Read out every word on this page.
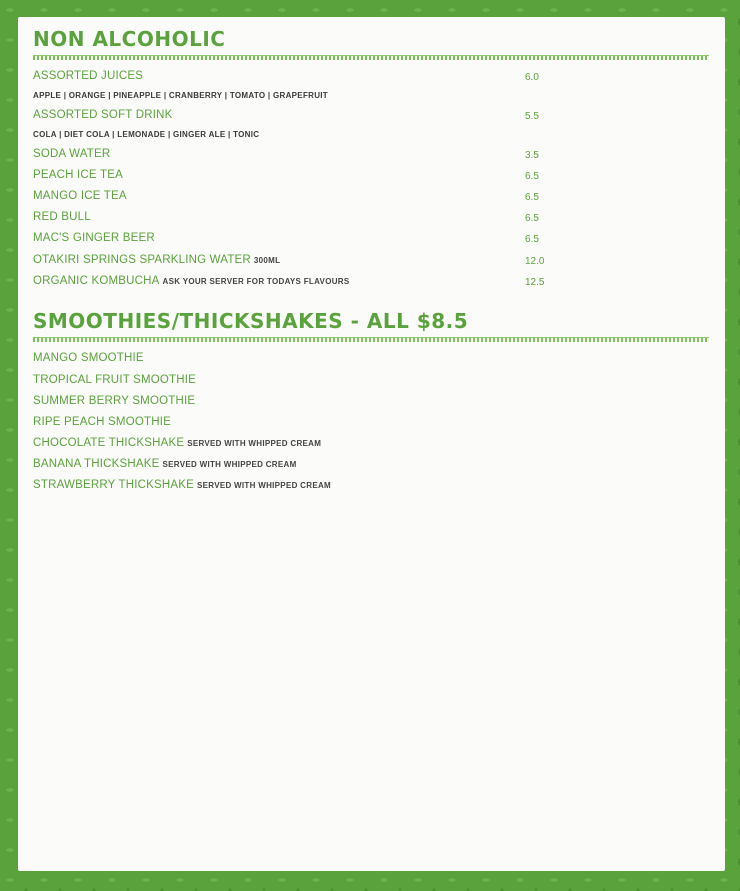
NON ALCOHOLIC
ASSORTED JUICES	6.0
APPLE | ORANGE | PINEAPPLE | CRANBERRY | TOMATO | GRAPEFRUIT
ASSORTED SOFT DRINK	5.5
COLA | DIET COLA | LEMONADE | GINGER ALE | TONIC
SODA WATER	3.5
PEACH ICE TEA	6.5
MANGO ICE TEA	6.5
RED BULL	6.5
MAC'S GINGER BEER	6.5
OTAKIRI SPRINGS SPARKLING WATER 300ML	12.0
ORGANIC KOMBUCHA ASK YOUR SERVER FOR TODAYS FLAVOURS	12.5
SMOOTHIES/THICKSHAKES - ALL $8.5
MANGO SMOOTHIE
TROPICAL FRUIT SMOOTHIE
SUMMER BERRY SMOOTHIE
RIPE PEACH SMOOTHIE
CHOCOLATE THICKSHAKE SERVED WITH WHIPPED CREAM
BANANA THICKSHAKE SERVED WITH WHIPPED CREAM
STRAWBERRY THICKSHAKE SERVED WITH WHIPPED CREAM
